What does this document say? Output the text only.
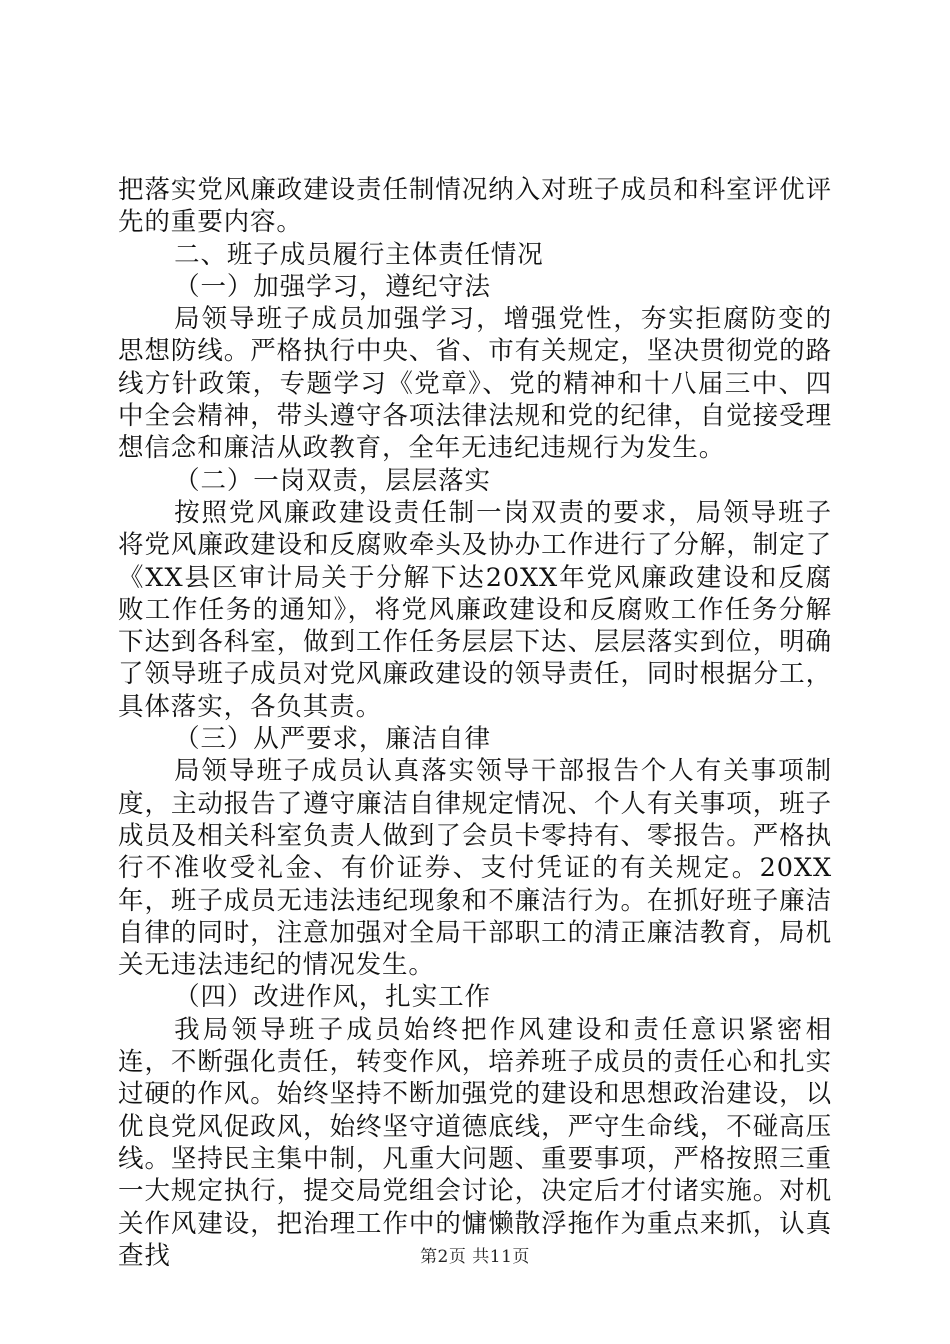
把落实党风廉政建设责任制情况纳入对班子成员和科室评优评先的重要内容。

二、班子成员履行主体责任情况

（一）加强学习，遵纪守法

局领导班子成员加强学习，增强党性，夯实拒腐防变的思想防线。严格执行中央、省、市有关规定，坚决贯彻党的路线方针政策，专题学习《党章》、党的精神和十八届三中、四中全会精神，带头遵守各项法律法规和党的纪律，自觉接受理想信念和廉洁从政教育，全年无违纪违规行为发生。

（二）一岗双责，层层落实

按照党风廉政建设责任制一岗双责的要求，局领导班子将党风廉政建设和反腐败牵头及协办工作进行了分解，制定了《XX县区审计局关于分解下达20XX年党风廉政建设和反腐败工作任务的通知》，将党风廉政建设和反腐败工作任务分解下达到各科室，做到工作任务层层下达、层层落实到位，明确了领导班子成员对党风廉政建设的领导责任，同时根据分工，具体落实，各负其责。

（三）从严要求，廉洁自律

局领导班子成员认真落实领导干部报告个人有关事项制度，主动报告了遵守廉洁自律规定情况、个人有关事项，班子成员及相关科室负责人做到了会员卡零持有、零报告。严格执行不准收受礼金、有价证券、支付凭证的有关规定。20XX年，班子成员无违法违纪现象和不廉洁行为。在抓好班子廉洁自律的同时，注意加强对全局干部职工的清正廉洁教育，局机关无违法违纪的情况发生。

（四）改进作风，扎实工作

我局领导班子成员始终把作风建设和责任意识紧密相连，不断强化责任，转变作风，培养班子成员的责任心和扎实过硬的作风。始终坚持不断加强党的建设和思想政治建设，以优良党风促政风，始终坚守道德底线，严守生命线，不碰高压线。坚持民主集中制，凡重大问题、重要事项，严格按照三重一大规定执行，提交局党组会讨论，决定后才付诸实施。对机关作风建设，把治理工作中的慵懒散浮拖作为重点来抓，认真查找	第2页 共11页
